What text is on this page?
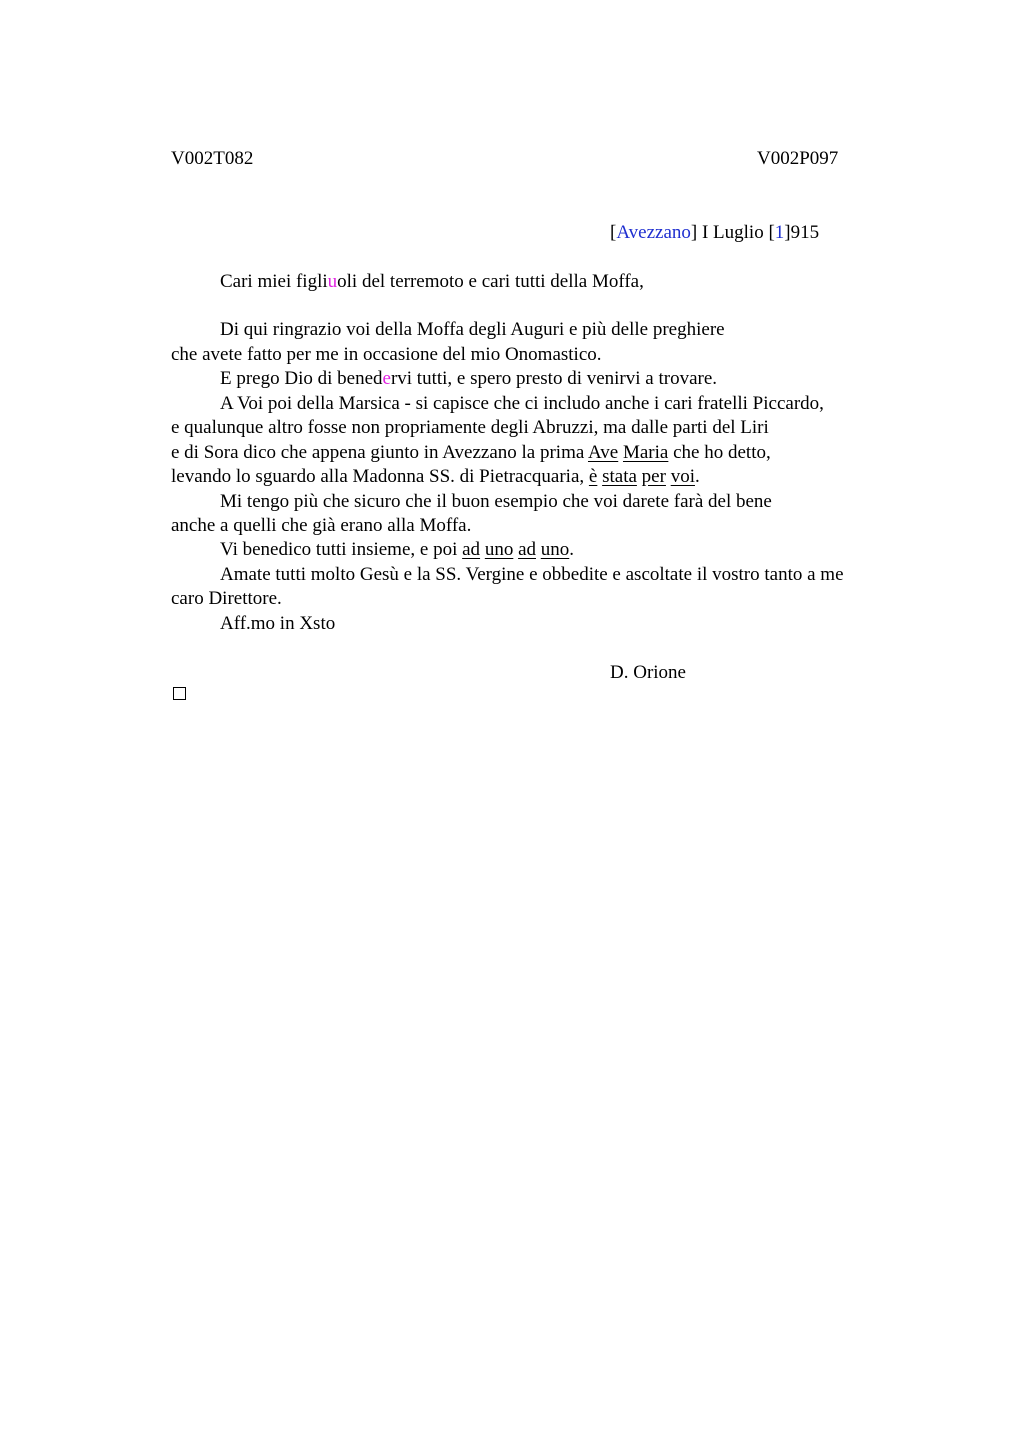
V002T082	V002P097
[Avezzano] I Luglio [1]915
Cari miei figliuoli del terremoto e cari tutti della Moffa,
Di qui ringrazio voi della Moffa degli Auguri e più delle preghiere
che avete fatto per me in occasione del mio Onomastico.
E prego Dio di benedervi tutti, e spero presto di venirvi a trovare.
A Voi poi della Marsica - si capisce che ci includo anche i cari fratelli Piccardo,
e qualunque altro fosse non propriamente degli Abruzzi, ma dalle parti del Liri
e di Sora dico che appena giunto in Avezzano la prima Ave Maria che ho detto,
levando lo sguardo alla Madonna SS. di Pietracquaria, è stata per voi.
Mi tengo più che sicuro che il buon esempio che voi darete farà del bene
anche a quelli che già erano alla Moffa.
Vi benedico tutti insieme, e poi ad uno ad uno.
Amate tutti molto Gesù e la SS. Vergine e obbedite e ascoltate il vostro tanto a me
caro Direttore.
Aff.mo in Xsto
D. Orione
